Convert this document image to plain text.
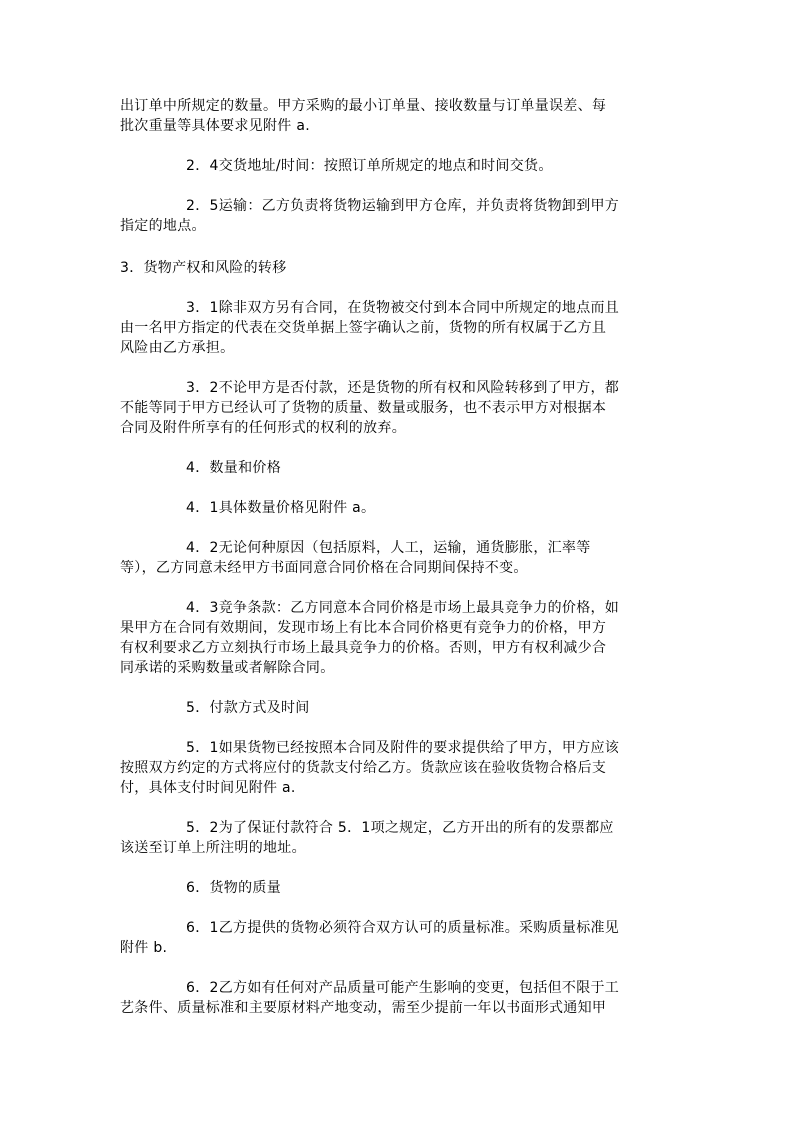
出订单中所规定的数量。甲方采购的最小订单量、接收数量与订单量误差、每
批次重量等具体要求见附件 a.
2．4交货地址/时间：按照订单所规定的地点和时间交货。
2．5运输：乙方负责将货物运输到甲方仓库，并负责将货物卸到甲方
指定的地点。
3．货物产权和风险的转移
3．1除非双方另有合同，在货物被交付到本合同中所规定的地点而且
由一名甲方指定的代表在交货单据上签字确认之前，货物的所有权属于乙方且
风险由乙方承担。
3．2不论甲方是否付款，还是货物的所有权和风险转移到了甲方，都
不能等同于甲方已经认可了货物的质量、数量或服务，也不表示甲方对根据本
合同及附件所享有的任何形式的权利的放弃。
4．数量和价格
4．1具体数量价格见附件 a。
4．2无论何种原因（包括原料，人工，运输，通货膨胀，汇率等
等），乙方同意未经甲方书面同意合同价格在合同期间保持不变。
4．3竞争条款：乙方同意本合同价格是市场上最具竞争力的价格，如
果甲方在合同有效期间，发现市场上有比本合同价格更有竞争力的价格，甲方
有权利要求乙方立刻执行市场上最具竞争力的价格。否则，甲方有权利减少合
同承诺的采购数量或者解除合同。
5．付款方式及时间
5．1如果货物已经按照本合同及附件的要求提供给了甲方，甲方应该
按照双方约定的方式将应付的货款支付给乙方。货款应该在验收货物合格后支
付，具体支付时间见附件 a.
5．2为了保证付款符合 5．1项之规定，乙方开出的所有的发票都应
该送至订单上所注明的地址。
6．货物的质量
6．1乙方提供的货物必须符合双方认可的质量标准。采购质量标准见
附件 b.
6．2乙方如有任何对产品质量可能产生影响的变更，包括但不限于工
艺条件、质量标准和主要原材料产地变动，需至少提前一年以书面形式通知甲
